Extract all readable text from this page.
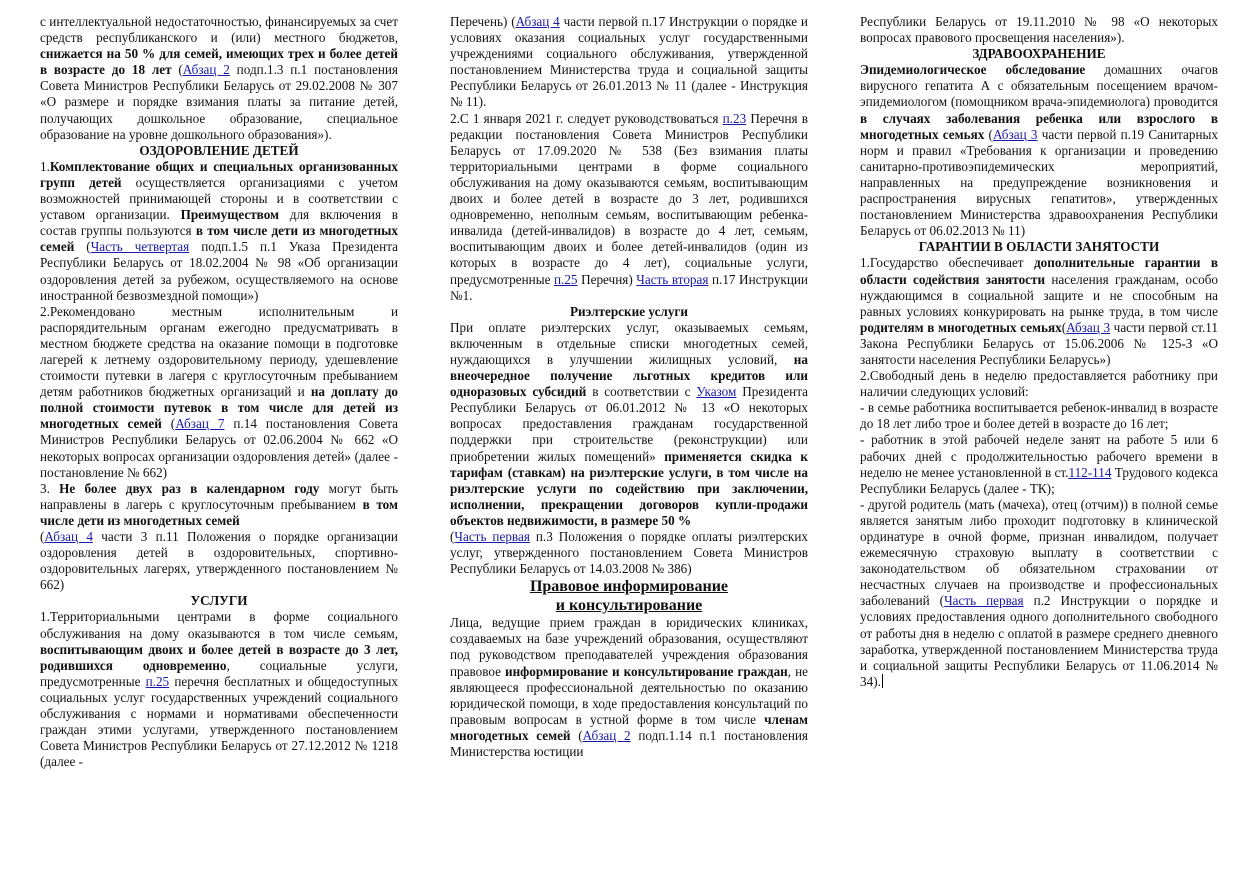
с интеллектуальной недостаточностью, финансируемых за счет средств республиканского и (или) местного бюджетов, снижается на 50 % для семей, имеющих трех и более детей в возрасте до 18 лет (Абзац 2 подп.1.3 п.1 постановления Совета Министров Республики Беларусь от 29.02.2008 № 307 «О размере и порядке взимания платы за питание детей, получающих дошкольное образование, специальное образование на уровне дошкольного образования»).

ОЗДОРОВЛЕНИЕ ДЕТЕЙ

1.Комплектование общих и специальных организованных групп детей осуществляется организациями с учетом возможностей принимающей стороны и в соответствии с уставом организации. Преимуществом для включения в состав группы пользуются в том числе дети из многодетных семей (Часть четвертая подп.1.5 п.1 Указа Президента Республики Беларусь от 18.02.2004 № 98 «Об организации оздоровления детей за рубежом, осуществляемого на основе иностранной безвозмездной помощи»)

2.Рекомендовано местным исполнительным и распорядительным органам ежегодно предусматривать в местном бюджете средства на оказание помощи в подготовке лагерей к летнему оздоровительному периоду, удешевление стоимости путевки в лагеря с круглосуточным пребыванием детям работников бюджетных организаций и на доплату до полной стоимости путевок в том числе для детей из многодетных семей (Абзац 7 п.14 постановления Совета Министров Республики Беларусь от 02.06.2004 № 662 «О некоторых вопросах организации оздоровления детей» (далее - постановление № 662)

3. Не более двух раз в календарном году могут быть направлены в лагерь с круглосуточным пребыванием в том числе дети из многодетных семей

(Абзац 4 части 3 п.11 Положения о порядке организации оздоровления детей в оздоровительных, спортивно-оздоровительных лагерях, утвержденного постановлением № 662)

УСЛУГИ

1.Территориальными центрами в форме социального обслуживания на дому оказываются в том числе семьям, воспитывающим двоих и более детей в возрасте до 3 лет, родившихся одновременно, социальные услуги, предусмотренные п.25 перечня бесплатных и общедоступных социальных услуг государственных учреждений социального обслуживания с нормами и нормативами обеспеченности граждан этими услугами, утвержденного постановлением Совета Министров Республики Беларусь от 27.12.2012 № 1218 (далее -

Перечень) (Абзац 4 части первой п.17 Инструкции о порядке и условиях оказания социальных услуг государственными учреждениями социального обслуживания, утвержденной постановлением Министерства труда и социальной защиты Республики Беларусь от 26.01.2013 № 11 (далее - Инструкция № 11).

2.С 1 января 2021 г. следует руководствоваться п.23 Перечня в редакции постановления Совета Министров Республики Беларусь от 17.09.2020 № 538 (Без взимания платы территориальными центрами в форме социального обслуживания на дому оказываются семьям, воспитывающим двоих и более детей в возрасте до 3 лет, родившихся одновременно, неполным семьям, воспитывающим ребенка-инвалида (детей-инвалидов) в возрасте до 4 лет, семьям, воспитывающим двоих и более детей-инвалидов (один из которых в возрасте до 4 лет), социальные услуги, предусмотренные п.25 Перечня) Часть вторая п.17 Инструкции №1.

Риэлтерские услуги

При оплате риэлтерских услуг, оказываемых семьям, включенным в отдельные списки многодетных семей, нуждающихся в улучшении жилищных условий, на внеочередное получение льготных кредитов или одноразовых субсидий в соответствии с Указом Президента Республики Беларусь от 06.01.2012 № 13 «О некоторых вопросах предоставления гражданам государственной поддержки при строительстве (реконструкции) или приобретении жилых помещений» применяется скидка к тарифам (ставкам) на риэлтерские услуги, в том числе на риэлтерские услуги по содействию при заключении, исполнении, прекращении договоров купли-продажи объектов недвижимости, в размере 50 %

(Часть первая п.3 Положения о порядке оплаты риэлтерских услуг, утвержденного постановлением Совета Министров Республики Беларусь от 14.03.2008 № 386)

Правовое информирование

и консультирование

Лица, ведущие прием граждан в юридических клиниках, создаваемых на базе учреждений образования, осуществляют под руководством преподавателей учреждения образования правовое информирование и консультирование граждан, не являющееся профессиональной деятельностью по оказанию юридической помощи, в ходе предоставления консультаций по правовым вопросам в устной форме в том числе членам многодетных семей (Абзац 2 подп.1.14 п.1 постановления Министерства юстиции

Республики Беларусь от 19.11.2010 № 98 «О некоторых вопросах правового просвещения населения»).

ЗДРАВООХРАНЕНИЕ

Эпидемиологическое обследование домашних очагов вирусного гепатита А с обязательным посещением врачом-эпидемиологом (помощником врача-эпидемиолога) проводится в случаях заболевания ребенка или взрослого в многодетных семьях (Абзац 3 части первой п.19 Санитарных норм и правил «Требования к организации и проведению санитарно-противоэпидемических мероприятий, направленных на предупреждение возникновения и распространения вирусных гепатитов», утвержденных постановлением Министерства здравоохранения Республики Беларусь от 06.02.2013 № 11)

ГАРАНТИИ В ОБЛАСТИ ЗАНЯТОСТИ

1.Государство обеспечивает дополнительные гарантии в области содействия занятости населения гражданам, особо нуждающимся в социальной защите и не способным на равных условиях конкурировать на рынке труда, в том числе родителям в многодетных семьях(Абзац 3 части первой ст.11 Закона Республики Беларусь от 15.06.2006 № 125-З «О занятости населения Республики Беларусь»)

2.Свободный день в неделю предоставляется работнику при наличии следующих условий:

- в семье работника воспитывается ребенок-инвалид в возрасте до 18 лет либо трое и более детей в возрасте до 16 лет;

- работник в этой рабочей неделе занят на работе 5 или 6 рабочих дней с продолжительностью рабочего времени в неделю не менее установленной в ст.112-114 Трудового кодекса Республики Беларусь (далее - ТК);

- другой родитель (мать (мачеха), отец (отчим)) в полной семье является занятым либо проходит подготовку в клинической ординатуре в очной форме, признан инвалидом, получает ежемесячную страховую выплату в соответствии с законодательством об обязательном страховании от несчастных случаев на производстве и профессиональных заболеваний (Часть первая п.2 Инструкции о порядке и условиях предоставления одного дополнительного свободного от работы дня в неделю с оплатой в размере среднего дневного заработка, утвержденной постановлением Министерства труда и социальной защиты Республики Беларусь от 11.06.2014 № 34).
